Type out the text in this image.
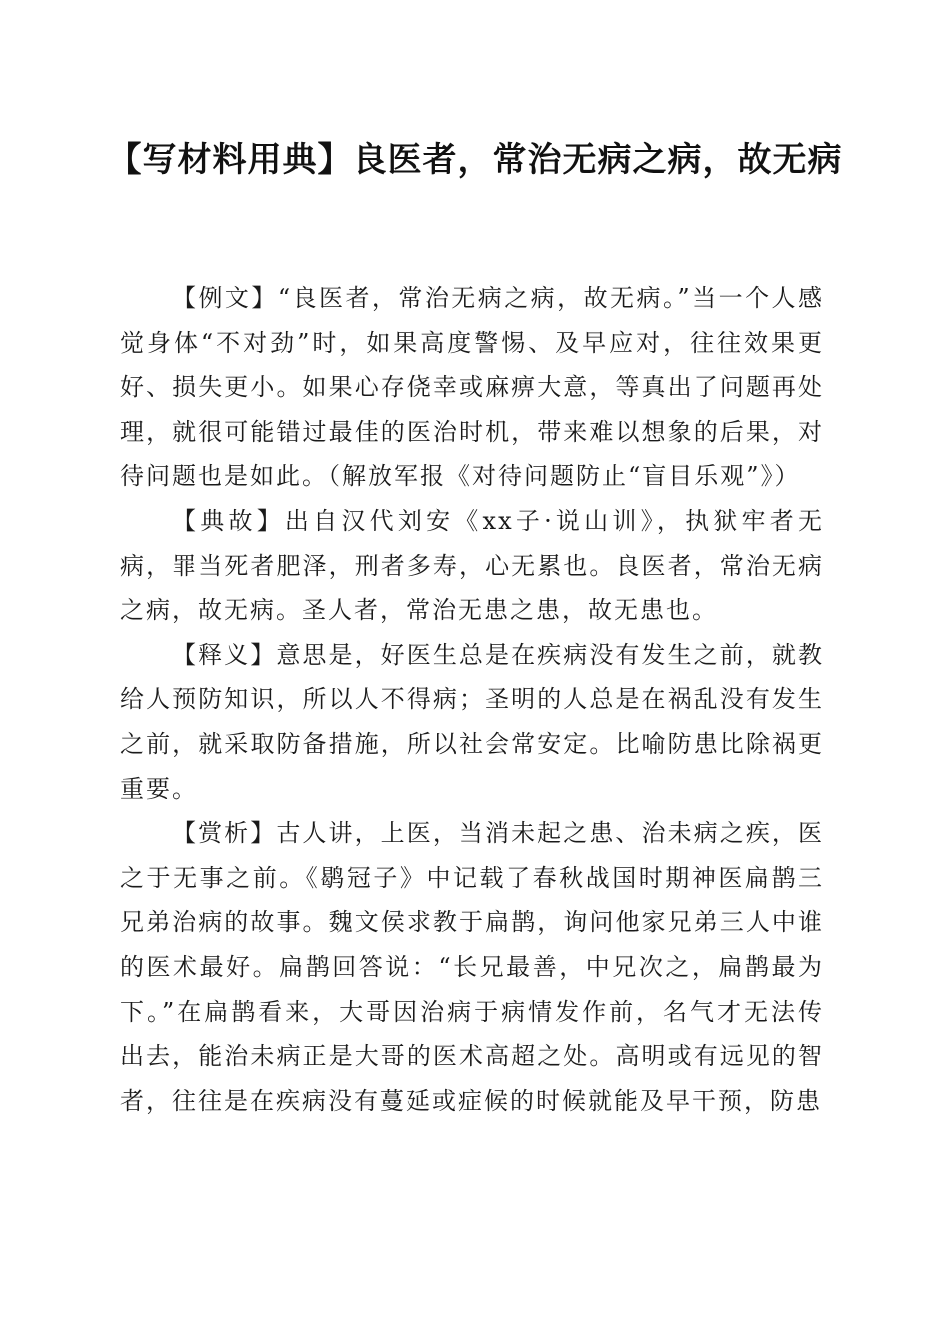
【写材料用典】良医者，常治无病之病，故无病

【例文】“良医者，常治无病之病，故无病。”当一个人感觉身体“不对劲”时，如果高度警惕、及早应对，往往效果更好、损失更小。如果心存侥幸或麻痹大意，等真出了问题再处理，就很可能错过最佳的医治时机，带来难以想象的后果，对待问题也是如此。（解放军报《对待问题防止“盲目乐观”》）

【典故】出自汉代刘安《xx子·说山训》，执狱牢者无病，罪当死者肥泽，刑者多寿，心无累也。良医者，常治无病之病，故无病。圣人者，常治无患之患，故无患也。

【释义】意思是，好医生总是在疾病没有发生之前，就教给人预防知识，所以人不得病；圣明的人总是在祸乱没有发生之前，就采取防备措施，所以社会常安定。比喻防患比除祸更重要。

【赏析】古人讲，上医，当消未起之患、治未病之疾，医之于无事之前。《鹖冠子》中记载了春秋战国时期神医扁鹊三兄弟治病的故事。魏文侯求教于扁鹊，询问他家兄弟三人中谁的医术最好。扁鹊回答说：“长兄最善，中兄次之，扁鹊最为下。”在扁鹊看来，大哥因治病于病情发作前，名气才无法传出去，能治未病正是大哥的医术高超之处。高明或有远见的智者，往往是在疾病没有蔓延或症候的时候就能及早干预，防患
